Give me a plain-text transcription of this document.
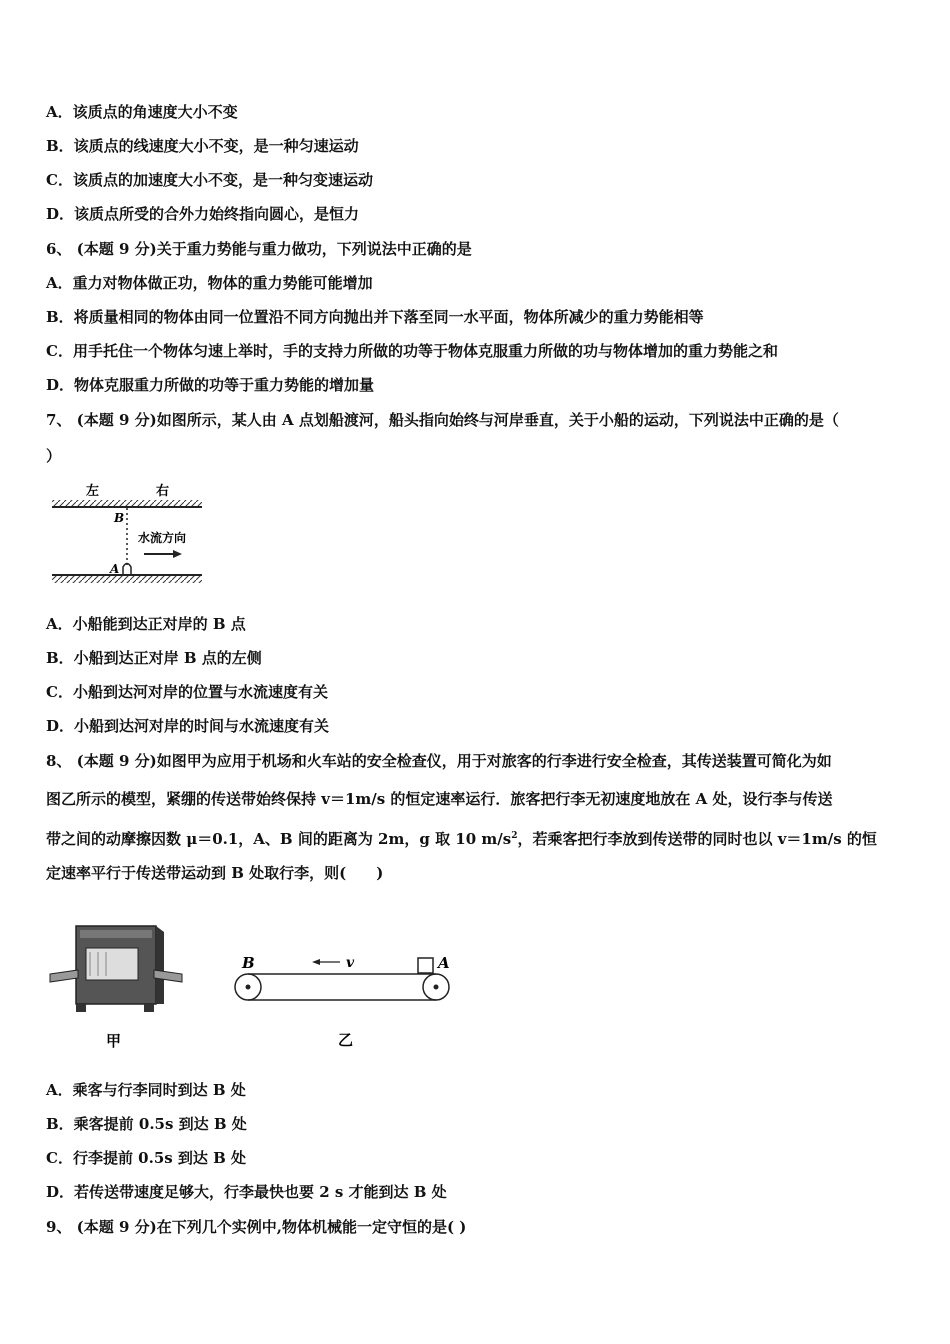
A．该质点的角速度大小不变

B．该质点的线速度大小不变，是一种匀速运动

C．该质点的加速度大小不变，是一种匀变速运动

D．该质点所受的合外力始终指向圆心，是恒力

6、 (本题 9 分)关于重力势能与重力做功，下列说法中正确的是

A．重力对物体做正功，物体的重力势能可能增加

B．将质量相同的物体由同一位置沿不同方向抛出并下落至同一水平面，物体所减少的重力势能相等

C．用手托住一个物体匀速上举时，手的支持力所做的功等于物体克服重力所做的功与物体增加的重力势能之和

D．物体克服重力所做的功等于重力势能的增加量

7、 (本题 9 分)如图所示，某人由 A 点划船渡河，船头指向始终与河岸垂直，关于小船的运动，下列说法中正确的是（

）

左	右
B
A
水流方向

A．小船能到达正对岸的 B 点

B．小船到达正对岸 B 点的左侧

C．小船到达河对岸的位置与水流速度有关

D．小船到达河对岸的时间与水流速度有关

8、 (本题 9 分)如图甲为应用于机场和火车站的安全检查仪，用于对旅客的行李进行安全检查，其传送装置可简化为如

图乙所示的模型，紧绷的传送带始终保持 v＝1m/s 的恒定速率运行．旅客把行李无初速度地放在 A 处，设行李与传送

带之间的动摩擦因数 μ＝0.1，A、B 间的距离为 2m，g 取 10 $m/s^2$，若乘客把行李放到传送带的同时也以 v＝1m/s 的恒

定速率平行于传送带运动到 B 处取行李，则(　　)

甲
v
B	A
乙

A．乘客与行李同时到达 B 处

B．乘客提前 0.5s 到达 B 处

C．行李提前 0.5s 到达 B 处

D．若传送带速度足够大，行李最快也要 2 s 才能到达 B 处

9、 (本题 9 分)在下列几个实例中,物体机械能一定守恒的是( )
